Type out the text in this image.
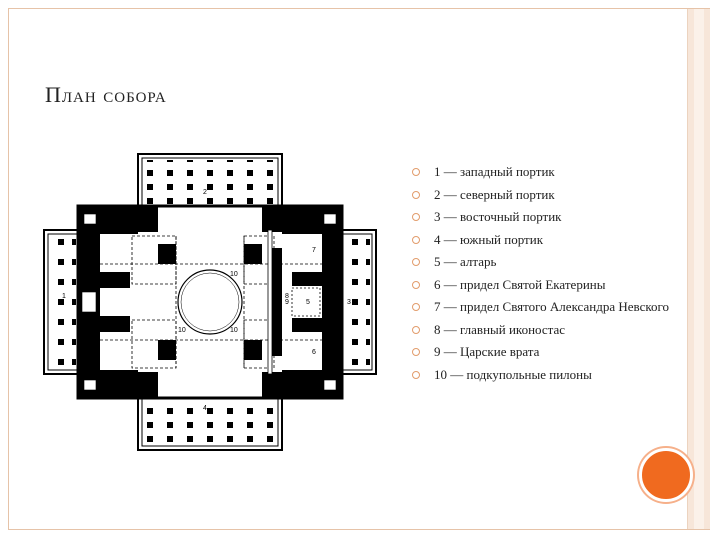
План собора
2
4
1
3
5
6
7
8
9
10	10
10	10
1 — западный портик
2 — северный портик
3 — восточный портик
4 — южный портик
5 — алтарь
6 — придел Святой Екатерины
7 — придел Святого Александра Невского
8 — главный иконостас
9 — Царские врата
10 — подкупольные пилоны
